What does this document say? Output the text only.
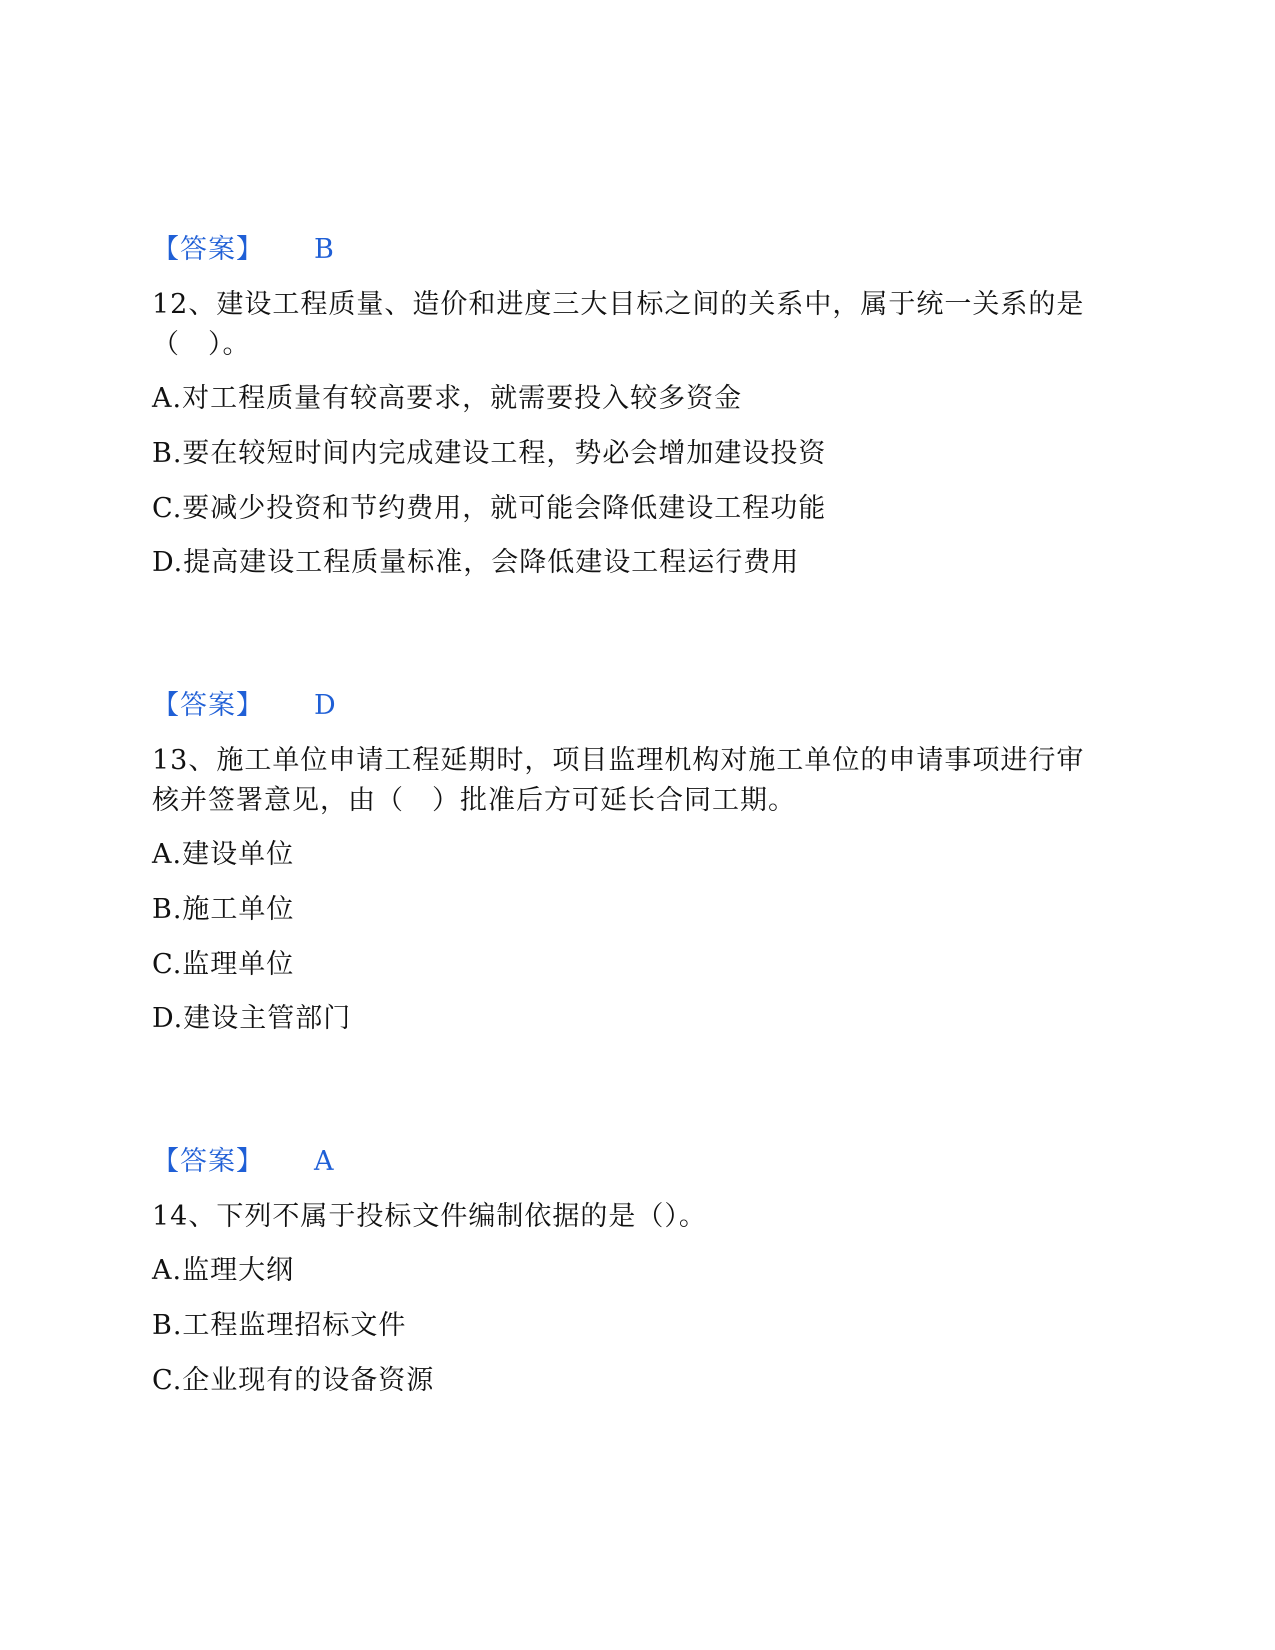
【答案】 B
12、建设工程质量、造价和进度三大目标之间的关系中，属于统一关系的是
（　）。
A.对工程质量有较高要求，就需要投入较多资金
B.要在较短时间内完成建设工程，势必会增加建设投资
C.要减少投资和节约费用，就可能会降低建设工程功能
D.提高建设工程质量标准，会降低建设工程运行费用
【答案】 D
13、施工单位申请工程延期时，项目监理机构对施工单位的申请事项进行审
核并签署意见，由（　）批准后方可延长合同工期。
A.建设单位
B.施工单位
C.监理单位
D.建设主管部门
【答案】 A
14、下列不属于投标文件编制依据的是（）。
A.监理大纲
B.工程监理招标文件
C.企业现有的设备资源
